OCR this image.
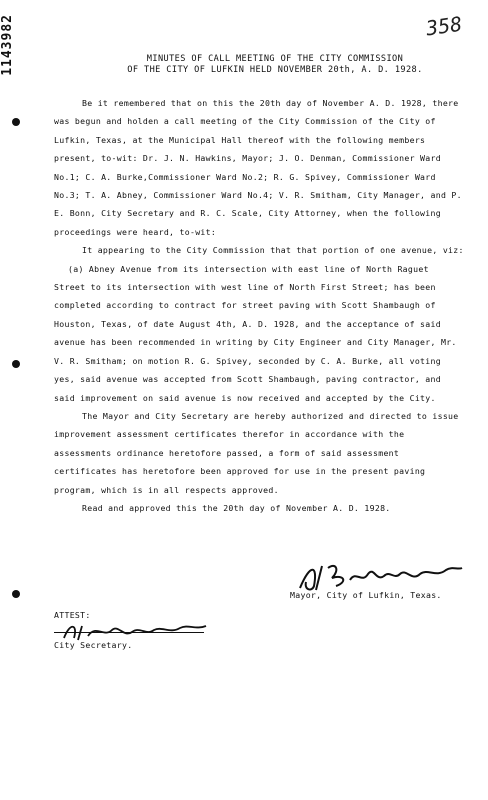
1143982	358
MINUTES OF CALL MEETING OF THE CITY COMMISSION
OF THE CITY OF LUFKIN HELD NOVEMBER 20th, A. D. 1928.

Be it remembered that on this the 20th day of November A. D. 1928, there was begun and holden a call meeting of the City Commission of the City of Lufkin, Texas, at the Municipal Hall thereof with the following members present, to-wit: Dr. J. N. Hawkins, Mayor; J. O. Denman, Commissioner Ward No.1; C. A. Burke,Commissioner Ward No.2; R. G. Spivey, Commissioner Ward No.3; T. A. Abney, Commissioner Ward No.4; V. R. Smitham, City Manager, and P. E. Bonn, City Secretary and R. C. Scale, City Attorney, when the following proceedings were heard, to-wit:

It appearing to the City Commission that that portion of one avenue, viz:

(a) Abney Avenue from its intersection with east line of North Raguet Street to its intersection with west line of North First Street; has been completed according to contract for street paving with Scott Shambaugh of Houston, Texas, of date August 4th, A. D. 1928, and the acceptance of said avenue has been recommended in writing by City Engineer and City Manager, Mr. V. R. Smitham; on motion R. G. Spivey, seconded by C. A. Burke, all voting yes, said avenue was accepted from Scott Shambaugh, paving contractor, and said improvement on said avenue is now received and accepted by the City.

The Mayor and City Secretary are hereby authorized and directed to issue improvement assessment certificates therefor in accordance with the assessments ordinance heretofore passed, a form of said assessment certificates has heretofore been approved for use in the present paving program, which is in all respects approved.

Read and approved this the 20th day of November A. D. 1928.

Mayor, City of Lufkin, Texas.
ATTEST:
City Secretary.
